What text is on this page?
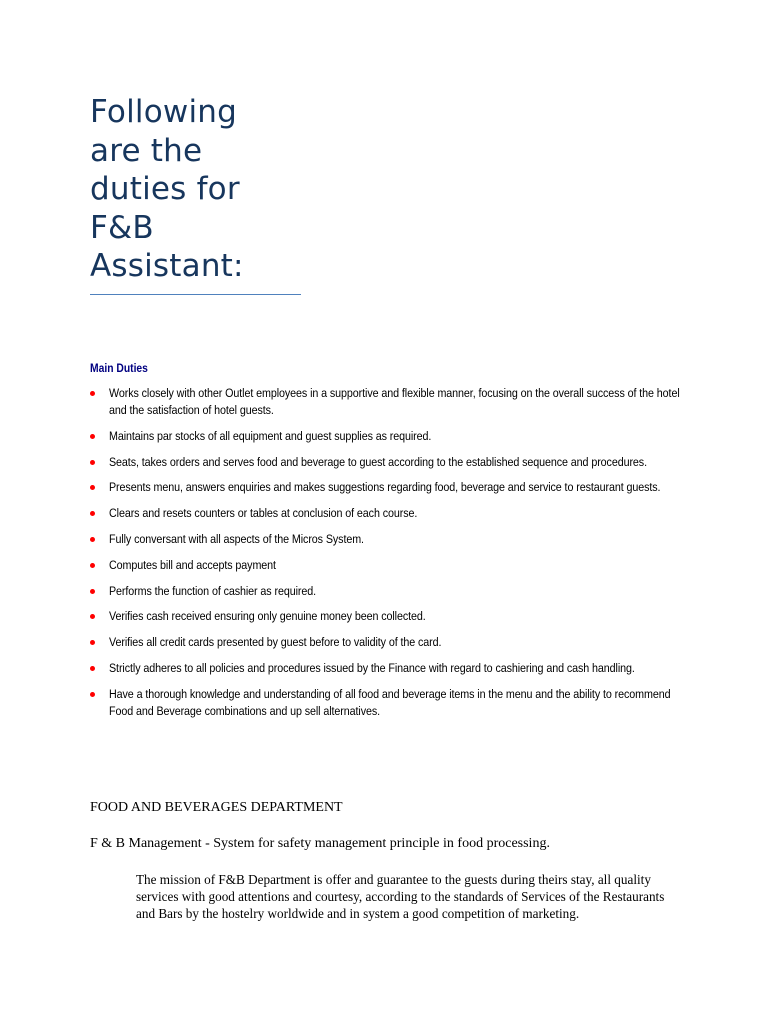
Following
are the
duties for
F&B
Assistant:
Main Duties
Works closely with other Outlet employees in a supportive and flexible manner, focusing on the overall success of the hotel and the satisfaction of hotel guests.
Maintains par stocks of all equipment and guest supplies as required.
Seats, takes orders and serves food and beverage to guest according to the established sequence and procedures.
Presents menu, answers enquiries and makes suggestions regarding food, beverage and service to restaurant guests.
Clears and resets counters or tables at conclusion of each course.
Fully conversant with all aspects of the Micros System.
Computes bill and accepts payment
Performs the function of cashier as required.
Verifies cash received ensuring only genuine money been collected.
Verifies all credit cards presented by guest before to validity of the card.
Strictly adheres to all policies and procedures issued by the Finance with regard to cashiering and cash handling.
Have a thorough knowledge and understanding of all food and beverage items in the menu and the ability to recommend Food and Beverage combinations and up sell alternatives.
FOOD AND BEVERAGES DEPARTMENT

F & B Management - System for safety management principle in food processing.

The mission of F&B Department is offer and guarantee to the guests during theirs stay, all quality services with good attentions and courtesy, according to the standards of Services of the Restaurants and Bars by the hostelry worldwide and in system a good competition of marketing.
